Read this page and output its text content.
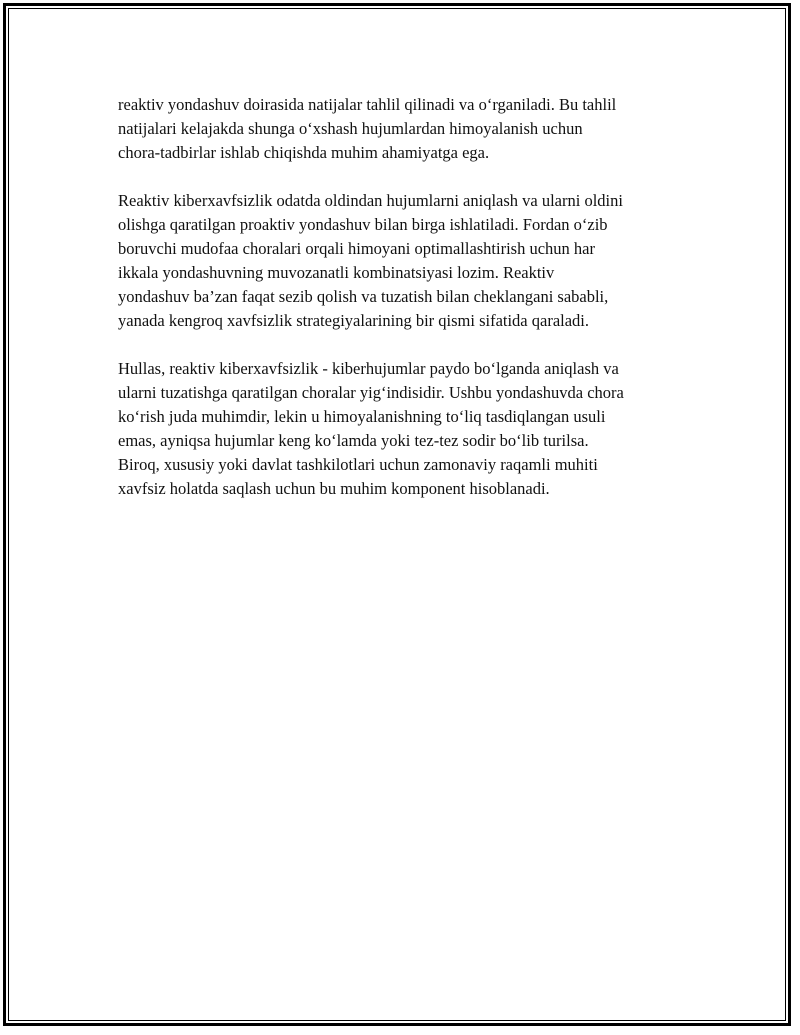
reaktiv yondashuv doirasida natijalar tahlil qilinadi va o‘rganiladi. Bu tahlil
natijalari kelajakda shunga o‘xshash hujumlardan himoyalanish uchun
chora-tadbirlar ishlab chiqishda muhim ahamiyatga ega.

Reaktiv kiberxavfsizlik odatda oldindan hujumlarni aniqlash va ularni oldini
olishga qaratilgan proaktiv yondashuv bilan birga ishlatiladi. Fordan o‘zib
boruvchi mudofaa choralari orqali himoyani optimallashtirish uchun har
ikkala yondashuvning muvozanatli kombinatsiyasi lozim. Reaktiv
yondashuv ba’zan faqat sezib qolish va tuzatish bilan cheklangani sababli,
yanada kengroq xavfsizlik strategiyalarining bir qismi sifatida qaraladi.

Hullas, reaktiv kiberxavfsizlik - kiberhujumlar paydo bo‘lganda aniqlash va
ularni tuzatishga qaratilgan choralar yig‘indisidir. Ushbu yondashuvda chora
ko‘rish juda muhimdir, lekin u himoyalanishning to‘liq tasdiqlangan usuli
emas, ayniqsa hujumlar keng ko‘lamda yoki tez-tez sodir bo‘lib turilsa.
Biroq, xususiy yoki davlat tashkilotlari uchun zamonaviy raqamli muhiti
xavfsiz holatda saqlash uchun bu muhim komponent hisoblanadi.
